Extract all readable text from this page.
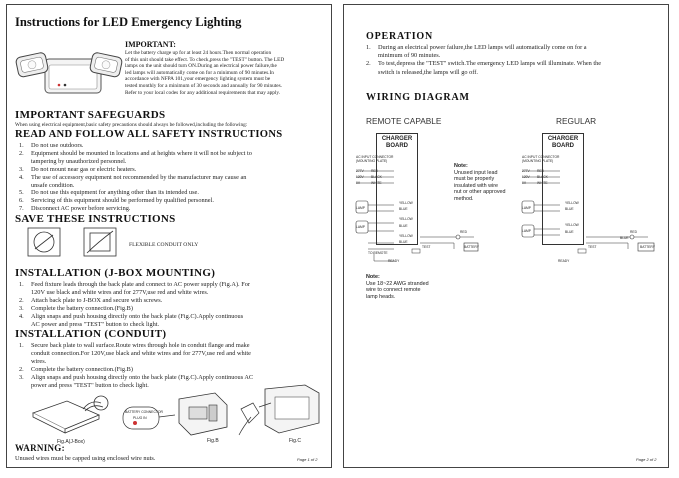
Instructions for LED Emergency Lighting
IMPORTANT:
Let the battery charge up for at least 24 hours.Then normal operation
of this unit should take effect. To check,press the "TEST" button. The LED
lamps on the unit should turn ON.During an electrical power failure,the
led lamps will automatically come on for a minimum of 90 minutes.In
accordance with NFPA 101,your emergency lighting system must be
tested monthly for a minimum of 30 seconds and annually for 90 minutes.
Refer to your local codes for any additional requirements that may apply.
IMPORTANT SAFEGUARDS
When using electrical equipment,basic safety precautions should always be followed,including the following:
READ AND FOLLOW ALL SAFETY INSTRUCTIONS
1.	Do not use outdoors.
2.	Equipment should be mounted in locations and at heights where it will not be subject to
tampering by unauthorized personnel.
3.	Do not mount near gas or electric heaters.
4.	The use of accessory equipment not recommended by the manufacturer may cause an
unsafe condition.
5.	Do not use this equipment for anything other than its intended use.
6.	Servicing of this equipment should be performed by qualified personnel.
7.	Disconnect AC power before servicing.
SAVE THESE INSTRUCTIONS
FLEXIBLE CONDUIT ONLY
INSTALLATION (J-BOX MOUNTING)
1.	Feed fixture leads through the back plate and connect to AC power supply (Fig.A). For
120V use black and white wires and for 277V,use red and white wires.
2.	Attach back plate to J-BOX and secure with screws.
3.	Complete the battery connection.(Fig.B)
4.	Align snaps and push housing directly onto the back plate (Fig.C).Apply continuous
AC power and press "TEST" button to check light.
INSTALLATION (CONDUIT)
1.	Secure back plate to wall surface.Route wires through hole in conduit flange and make
conduit connection.For 120V,use black and white wires and for 277V,use red and white
wires.
2.	Complete the battery connection.(Fig.B)
3.	Align snaps and push housing directly onto the back plate (Fig.C).Apply continuous AC
power and press "TEST" button to check light.
Fig.A(J-Box)
BATTERY CONNECTOR
PLUG IN
Fig.B	Fig.C
WARNING:
Unused wires must be capped using enclosed wire nuts.	Page 1 of 2
OPERATION
1.	During an electrical power failure,the LED lamps will automatically come on for a
minimum of 90 minutes.
2.	To test,depress the "TEST" switch.The emergency LED lamps will illuminate. When the
switch is released,the lamps will go off.
WIRING DIAGRAM
REMOTE CAPABLE	REGULAR
CHARGER
BOARD
AC INPUT CONNECTOR
(MOUNTING PLATE)
277V
120V
0V
RED
BLACK
WHITE
YELLOW
BLUE
YELLOW
BLUE
YELLOW
BLUE
LAMP
LAMP
TO REMOTE
RED
BATTERY
TEST
READY
Note:
Unused input lead
must be properly
insulated with wire
nut or other approved
method.
CHARGER
BOARD
AC INPUT CONNECTOR
(MOUNTING PLATE)
277V
120V
0V
RED
BLACK
WHITE
YELLOW
BLUE
YELLOW
BLUE
LAMP
LAMP	RED
BATTERY
BLUE
TEST
READY
Note:
Use 18~22 AWG stranded
wire to connect remote
lamp heads.
Page 2 of 2
